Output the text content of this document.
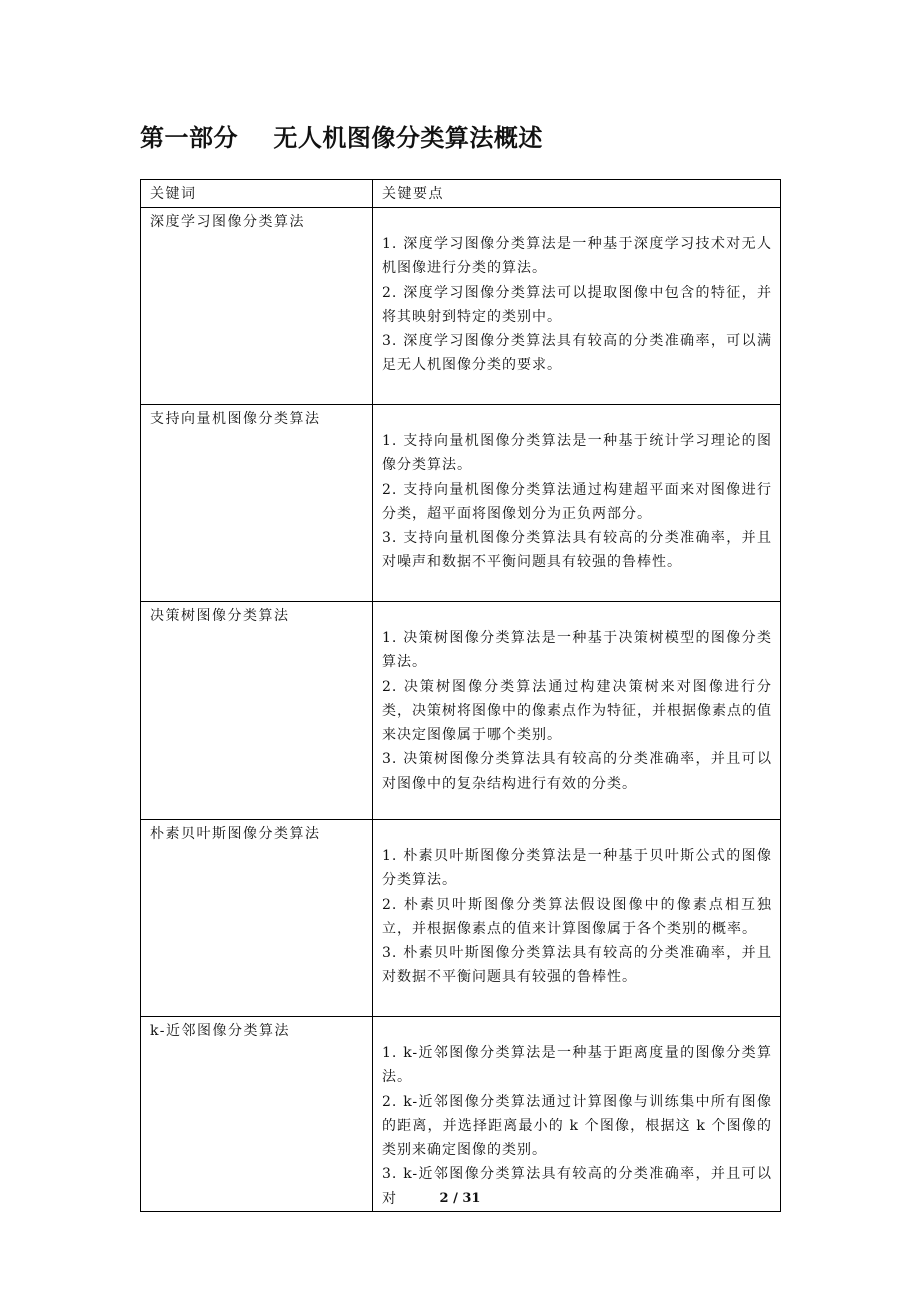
第一部分    无人机图像分类算法概述
关键词	关键要点
深度学习图像分类算法	1. 深度学习图像分类算法是一种基于深度学习技术对无人机图像进行分类的算法。
2. 深度学习图像分类算法可以提取图像中包含的特征，并将其映射到特定的类别中。
3. 深度学习图像分类算法具有较高的分类准确率，可以满足无人机图像分类的要求。

支持向量机图像分类算法	1. 支持向量机图像分类算法是一种基于统计学习理论的图像分类算法。
2. 支持向量机图像分类算法通过构建超平面来对图像进行分类，超平面将图像划分为正负两部分。
3. 支持向量机图像分类算法具有较高的分类准确率，并且对噪声和数据不平衡问题具有较强的鲁棒性。

决策树图像分类算法	1. 决策树图像分类算法是一种基于决策树模型的图像分类算法。
2. 决策树图像分类算法通过构建决策树来对图像进行分类，决策树将图像中的像素点作为特征，并根据像素点的值来决定图像属于哪个类别。
3. 决策树图像分类算法具有较高的分类准确率，并且可以对图像中的复杂结构进行有效的分类。

朴素贝叶斯图像分类算法	1. 朴素贝叶斯图像分类算法是一种基于贝叶斯公式的图像分类算法。
2. 朴素贝叶斯图像分类算法假设图像中的像素点相互独立，并根据像素点的值来计算图像属于各个类别的概率。
3. 朴素贝叶斯图像分类算法具有较高的分类准确率，并且对数据不平衡问题具有较强的鲁棒性。

k-近邻图像分类算法	1. k-近邻图像分类算法是一种基于距离度量的图像分类算法。
2. k-近邻图像分类算法通过计算图像与训练集中所有图像的距离，并选择距离最小的 k 个图像，根据这 k 个图像的类别来确定图像的类别。
3. k-近邻图像分类算法具有较高的分类准确率，并且可以对	2 / 31
